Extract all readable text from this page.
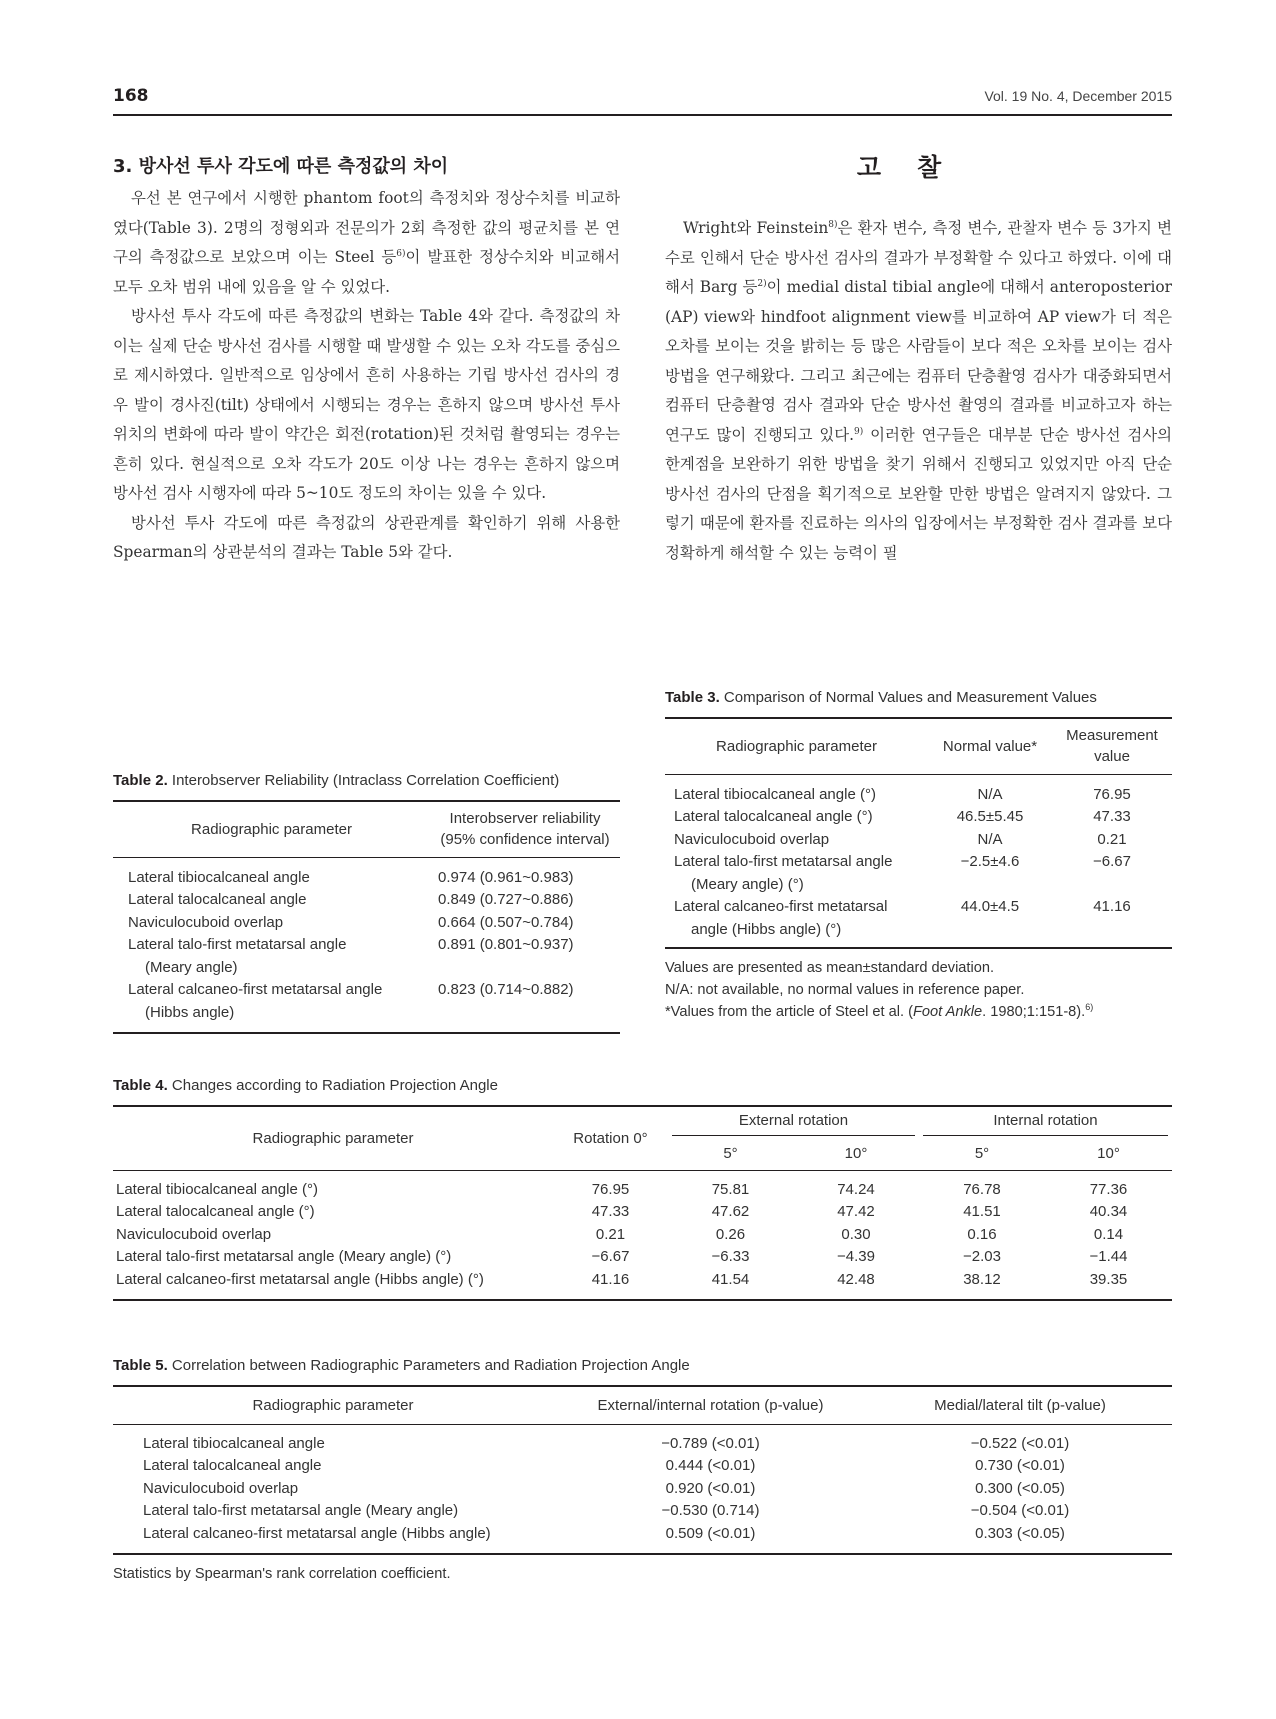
168	Vol. 19 No. 4, December 2015
3. 방사선 투사 각도에 따른 측정값의 차이

우선 본 연구에서 시행한 phantom foot의 측정치와 정상수치를 비교하였다(Table 3). 2명의 정형외과 전문의가 2회 측정한 값의 평균치를 본 연구의 측정값으로 보았으며 이는 Steel 등$^{6)}$이 발표한 정상수치와 비교해서 모두 오차 범위 내에 있음을 알 수 있었다.

방사선 투사 각도에 따른 측정값의 변화는 Table 4와 같다. 측정값의 차이는 실제 단순 방사선 검사를 시행할 때 발생할 수 있는 오차 각도를 중심으로 제시하였다. 일반적으로 임상에서 흔히 사용하는 기립 방사선 검사의 경우 발이 경사진(tilt) 상태에서 시행되는 경우는 흔하지 않으며 방사선 투사 위치의 변화에 따라 발이 약간은 회전(rotation)된 것처럼 촬영되는 경우는 흔히 있다. 현실적으로 오차 각도가 20도 이상 나는 경우는 흔하지 않으며 방사선 검사 시행자에 따라 5~10도 정도의 차이는 있을 수 있다.

방사선 투사 각도에 따른 측정값의 상관관계를 확인하기 위해 사용한 Spearman의 상관분석의 결과는 Table 5와 같다.

고찰

Wright와 Feinstein$^{8)}$은 환자 변수, 측정 변수, 관찰자 변수 등 3가지 변수로 인해서 단순 방사선 검사의 결과가 부정확할 수 있다고 하였다. 이에 대해서 Barg 등$^{2)}$이 medial distal tibial angle에 대해서 anteroposterior (AP) view와 hindfoot alignment view를 비교하여 AP view가 더 적은 오차를 보이는 것을 밝히는 등 많은 사람들이 보다 적은 오차를 보이는 검사 방법을 연구해왔다. 그리고 최근에는 컴퓨터 단층촬영 검사가 대중화되면서 컴퓨터 단층촬영 검사 결과와 단순 방사선 촬영의 결과를 비교하고자 하는 연구도 많이 진행되고 있다.$^{9)}$ 이러한 연구들은 대부분 단순 방사선 검사의 한계점을 보완하기 위한 방법을 찾기 위해서 진행되고 있었지만 아직 단순 방사선 검사의 단점을 획기적으로 보완할 만한 방법은 알려지지 않았다. 그렇기 때문에 환자를 진료하는 의사의 입장에서는 부정확한 검사 결과를 보다 정확하게 해석할 수 있는 능력이 필

Table 3. Comparison of Normal Values and Measurement Values
Radiographic parameter	Normal value*	Measurement
value

Lateral tibiocalcaneal angle (°)	N/A	76.95

Lateral talocalcaneal angle (°)	46.5±5.45	47.33

Naviculocuboid overlap	N/A	0.21

Lateral talo-first metatarsal angle
(Meary angle) (°)	−2.5±4.6	−6.67

Lateral calcaneo-first metatarsal
angle (Hibbs angle) (°)	44.0±4.5	41.16

Values are presented as mean±standard deviation.

N/A: not available, no normal values in reference paper.

*Values from the article of Steel et al. (Foot Ankle. 1980;1:151-8).$^{6)}$

Table 2. Interobserver Reliability (Intraclass Correlation Coefficient)
Radiographic parameter	Interobserver reliability
(95% confidence interval)

Lateral tibiocalcaneal angle	0.974 (0.961~0.983)

Lateral talocalcaneal angle	0.849 (0.727~0.886)

Naviculocuboid overlap	0.664 (0.507~0.784)

Lateral talo-first metatarsal angle
(Meary angle)	0.891 (0.801~0.937)

Lateral calcaneo-first metatarsal angle
(Hibbs angle)	0.823 (0.714~0.882)
Table 4. Changes according to Radiation Projection Angle
Radiographic parameter	Rotation 0°	External rotation		Internal rotation	

		5°	10°	5°	10°
Lateral tibiocalcaneal angle (°)	76.95	75.81	74.24	76.78	77.36
Lateral talocalcaneal angle (°)	47.33	47.62	47.42	41.51	40.34
Naviculocuboid overlap	0.21	0.26	0.30	0.16	0.14
Lateral talo-first metatarsal angle (Meary angle) (°)	−6.67	−6.33	−4.39	−2.03	−1.44
Lateral calcaneo-first metatarsal angle (Hibbs angle) (°)	41.16	41.54	42.48	38.12	39.35
Table 5. Correlation between Radiographic Parameters and Radiation Projection Angle
Radiographic parameter	External/internal rotation (p-value)	Medial/lateral tilt (p-value)
Lateral tibiocalcaneal angle	−0.789 (<0.01)	−0.522 (<0.01)
Lateral talocalcaneal angle	0.444 (<0.01)	0.730 (<0.01)
Naviculocuboid overlap	0.920 (<0.01)	0.300 (<0.05)
Lateral talo-first metatarsal angle (Meary angle)	−0.530 (0.714)	−0.504 (<0.01)
Lateral calcaneo-first metatarsal angle (Hibbs angle)	0.509 (<0.01)	0.303 (<0.05)

Statistics by Spearman's rank correlation coefficient.
